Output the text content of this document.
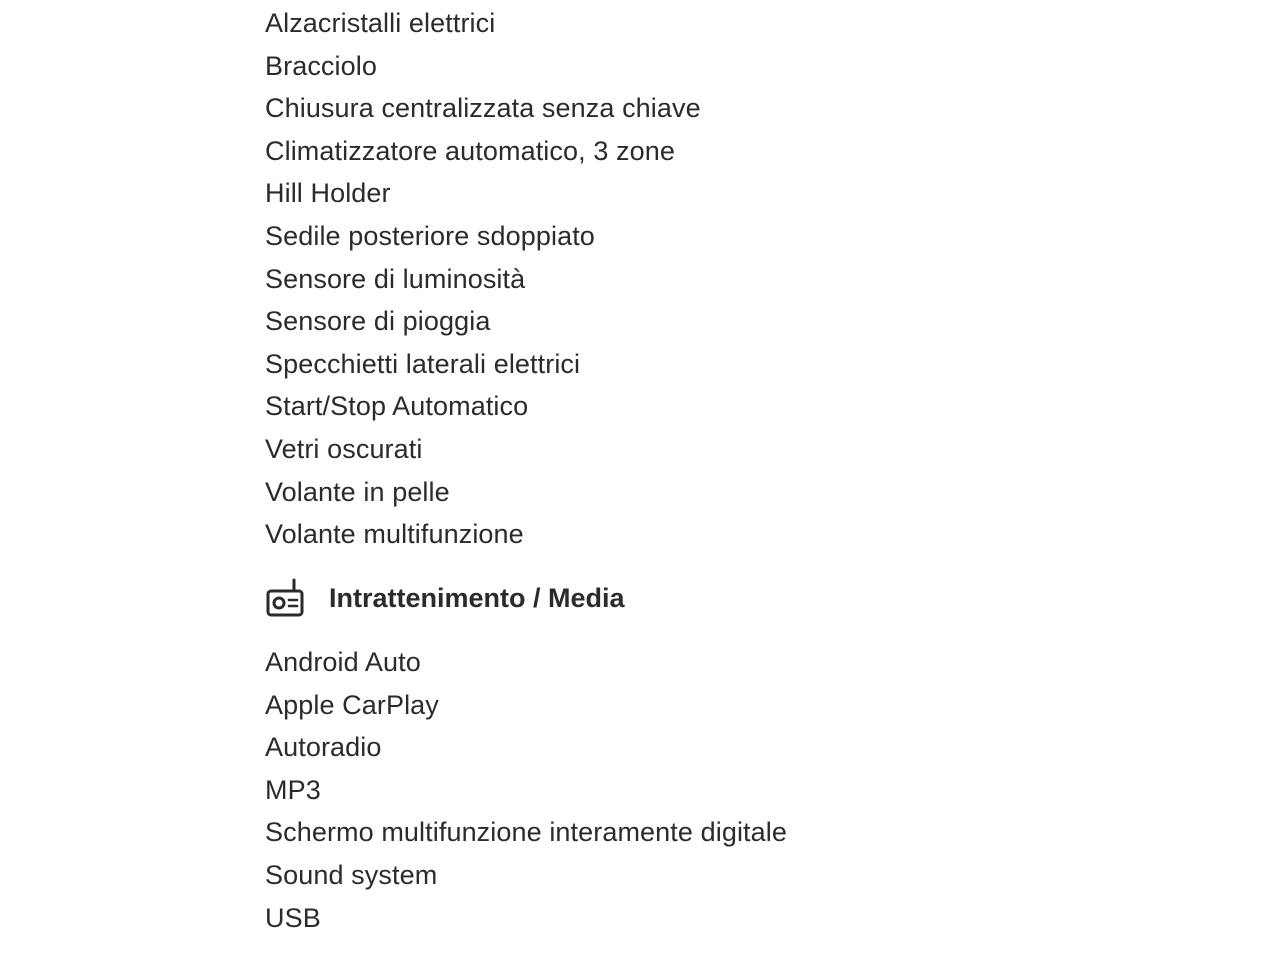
Alzacristalli elettrici
Bracciolo
Chiusura centralizzata senza chiave
Climatizzatore automatico, 3 zone
Hill Holder
Sedile posteriore sdoppiato
Sensore di luminosità
Sensore di pioggia
Specchietti laterali elettrici
Start/Stop Automatico
Vetri oscurati
Volante in pelle
Volante multifunzione
Intrattenimento / Media
Android Auto
Apple CarPlay
Autoradio
MP3
Schermo multifunzione interamente digitale
Sound system
USB
